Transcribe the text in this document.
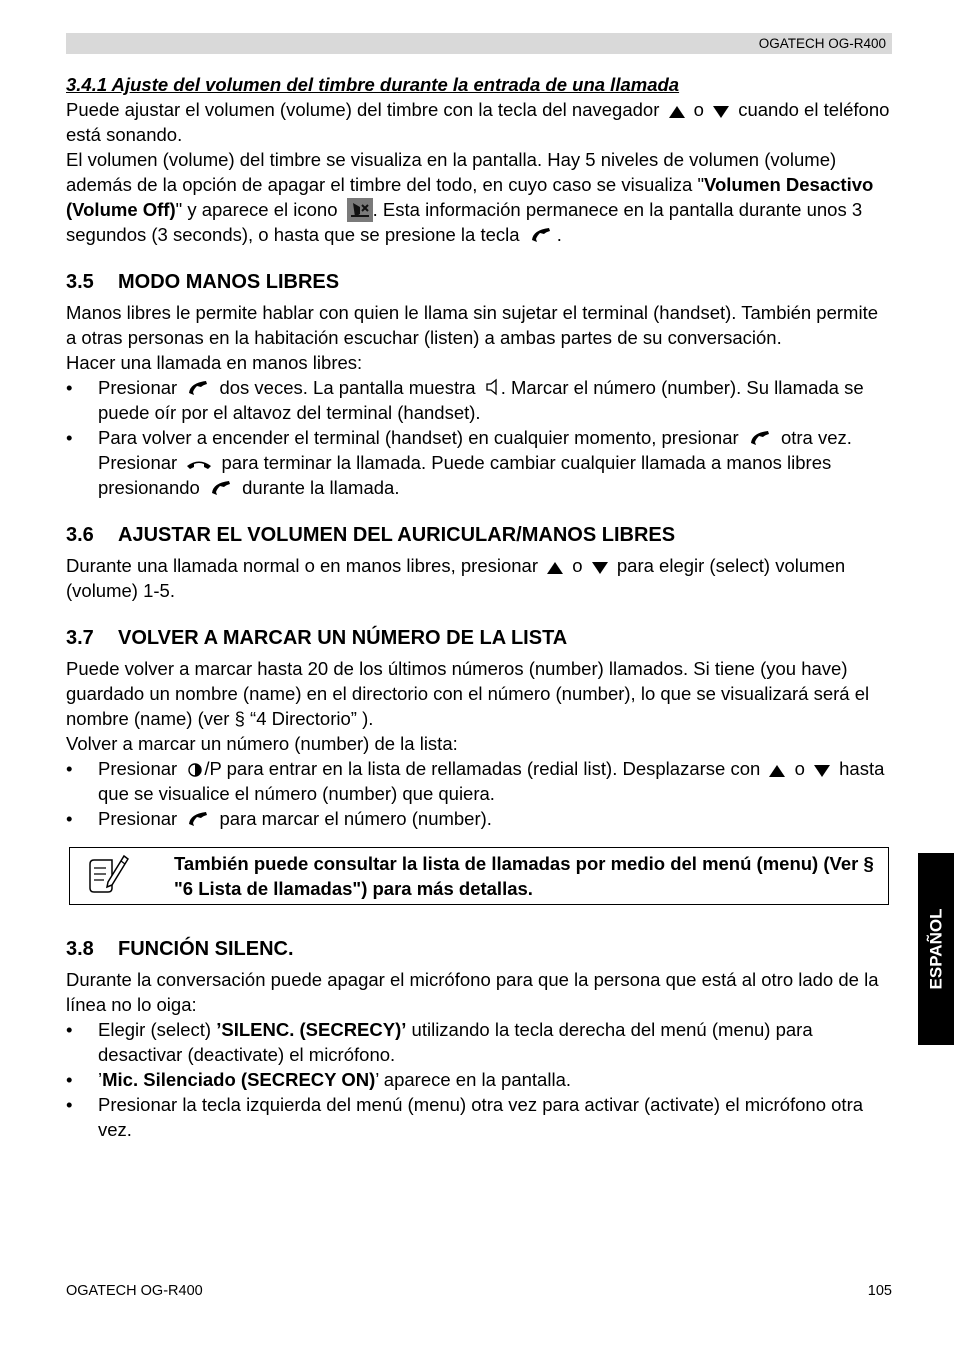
OGATECH OG-R400
3.4.1 Ajuste del volumen del timbre durante la entrada de una llamada

Puede ajustar el volumen (volume) del timbre con la tecla del navegador o cuando el teléfono está sonando.

El volumen (volume) del timbre se visualiza en la pantalla. Hay 5 niveles de volumen (volume) además de la opción de apagar el timbre del todo, en cuyo caso se visualiza "Volumen Desactivo (Volume Off)" y aparece el icono . Esta información permanece en la pantalla durante unos 3 segundos (3 seconds), o hasta que se presione la tecla .

3.5 MODO MANOS LIBRES

Manos libres le permite hablar con quien le llama sin sujetar el terminal (handset). También permite a otras personas en la habitación escuchar (listen) a ambas partes de su conversación.

Hacer una llamada en manos libres:

• Presionar dos veces. La pantalla muestra . Marcar el número (number). Su llamada se puede oír por el altavoz del terminal (handset).
• Para volver a encender el terminal (handset) en cualquier momento, presionar otra vez. Presionar para terminar la llamada. Puede cambiar cualquier llamada a manos libres presionando durante la llamada.
3.6 AJUSTAR EL VOLUMEN DEL AURICULAR/MANOS LIBRES

Durante una llamada normal o en manos libres, presionar o para elegir (select) volumen (volume) 1-5.

3.7 VOLVER A MARCAR UN NÚMERO DE LA LISTA

Puede volver a marcar hasta 20 de los últimos números (number) llamados. Si tiene (you have) guardado un nombre (name) en el directorio con el número (number), lo que se visualizará será el nombre (name) (ver § “4 Directorio” ).

Volver a marcar un número (number) de la lista:

• Presionar /P para entrar en la lista de rellamadas (redial list). Desplazarse con o hasta que se visualice el número (number) que quiera.
• Presionar para marcar el número (number).
También puede consultar la lista de llamadas por medio del menú (menu) (Ver § "6 Lista de llamadas") para más detallas.
3.8 FUNCIÓN SILENC.

Durante la conversación puede apagar el micrófono para que la persona que está al otro lado de la línea no lo oiga:

• Elegir (select) ’SILENC. (SECRECY)’ utilizando la tecla derecha del menú (menu) para desactivar (deactivate) el micrófono.
• ’Mic. Silenciado (SECRECY ON)’ aparece en la pantalla.
• Presionar la tecla izquierda del menú (menu) otra vez para activar (activate) el micrófono otra vez.
ESPAÑOL
OGATECH OG-R400	105
